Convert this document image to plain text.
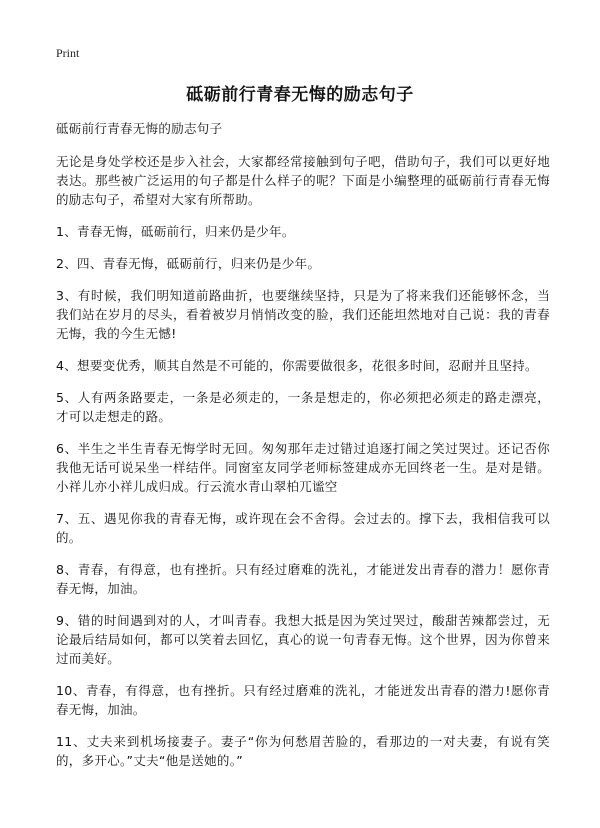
Print
砥砺前行青春无悔的励志句子

砥砺前行青春无悔的励志句子

无论是身处学校还是步入社会，大家都经常接触到句子吧，借助句子，我们可以更好地表达。那些被广泛运用的句子都是什么样子的呢？下面是小编整理的砥砺前行青春无悔的励志句子，希望对大家有所帮助。

1、青春无悔，砥砺前行，归来仍是少年。

2、四、青春无悔，砥砺前行，归来仍是少年。

3、有时候，我们明知道前路曲折，也要继续坚持，只是为了将来我们还能够怀念，当我们站在岁月的尽头，看着被岁月悄悄改变的脸，我们还能坦然地对自己说：我的青春无悔，我的今生无憾!

4、想要变优秀，顺其自然是不可能的，你需要做很多，花很多时间，忍耐并且坚持。

5、人有两条路要走，一条是必须走的，一条是想走的，你必须把必须走的路走漂亮，才可以走想走的路。

6、半生之半生青春无悔学时无回。匆匆那年走过错过追逐打闹之笑过哭过。还记否你我他无话可说呆坐一样结伴。同窗室友同学老师标签建成亦无回终老一生。是对是错。小祥儿亦小祥儿成归成。行云流水青山翠柏兀谧空

7、五、遇见你我的青春无悔，或许现在会不舍得。会过去的。撑下去，我相信我可以的。

8、青春，有得意，也有挫折。只有经过磨难的洗礼，才能迸发出青春的潜力！愿你青春无悔，加油。

9、错的时间遇到对的人，才叫青春。我想大抵是因为笑过哭过，酸甜苦辣都尝过，无论最后结局如何，都可以笑着去回忆，真心的说一句青春无悔。这个世界，因为你曾来过而美好。

10、青春，有得意，也有挫折。只有经过磨难的洗礼，才能迸发出青春的潜力!愿你青春无悔，加油。

11、丈夫来到机场接妻子。妻子“你为何愁眉苦脸的，看那边的一对夫妻，有说有笑的，多开心。”丈夫“他是送她的。”
